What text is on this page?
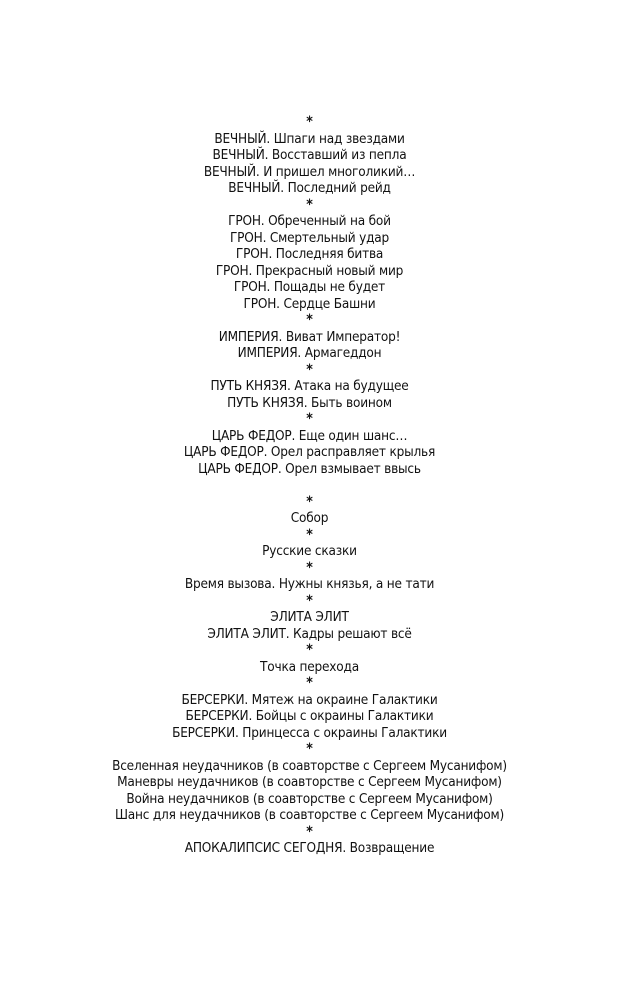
*
ВЕЧНЫЙ. Шпаги над звездами
ВЕЧНЫЙ. Восставший из пепла
ВЕЧНЫЙ. И пришел многоликий…
ВЕЧНЫЙ. Последний рейд
*
ГРОН. Обреченный на бой
ГРОН. Смертельный удар
ГРОН. Последняя битва
ГРОН. Прекрасный новый мир
ГРОН. Пощады не будет
ГРОН. Сердце Башни
*
ИМПЕРИЯ. Виват Император!
ИМПЕРИЯ. Армагеддон
*
ПУТЬ КНЯЗЯ. Атака на будущее
ПУТЬ КНЯЗЯ. Быть воином
*
ЦАРЬ ФЕДОР. Еще один шанс…
ЦАРЬ ФЕДОР. Орел расправляет крылья
ЦАРЬ ФЕДОР. Орел взмывает ввысь
*
Собор
*
Русские сказки
*
Время вызова. Нужны князья, а не тати
*
ЭЛИТА ЭЛИТ
ЭЛИТА ЭЛИТ. Кадры решают всё
*
Точка перехода
*
БЕРСЕРКИ. Мятеж на окраине Галактики
БЕРСЕРКИ. Бойцы с окраины Галактики
БЕРСЕРКИ. Принцесса с окраины Галактики
*
Вселенная неудачников (в соавторстве с Сергеем Мусанифом)
Маневры неудачников (в соавторстве с Сергеем Мусанифом)
Война неудачников (в соавторстве с Сергеем Мусанифом)
Шанс для неудачников (в соавторстве с Сергеем Мусанифом)
*
АПОКАЛИПСИС СЕГОДНЯ. Возвращение
